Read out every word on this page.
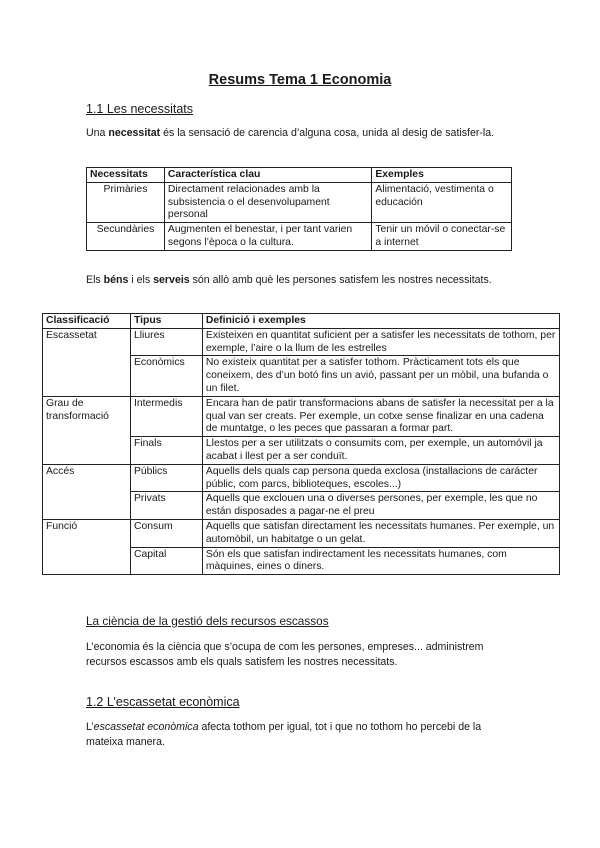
Resums Tema 1 Economia
1.1 Les necessitats
Una necessitat és la sensació de carencia d’alguna cosa, unida al desig de satisfer-la.
Necessitats	Característica clau	Exemples
Primàries	Directament relacionades amb la subsistencia o el desenvolupament personal	Alimentació, vestimenta o educación
Secundàries	Augmenten el benestar, i per tant varien segons l’època o la cultura.	Tenir un móvil o conectar-se a internet
Els béns i els serveis són allò amb què les persones satisfem les nostres necessitats.
Classificació	Tipus	Definició i exemples
Escassetat	Lliures	Existeixen en quantitat suficient per a satisfer les necessitats de tothom, per exemple, l’aire o la llum de les estrelles
	Econòmics	No existeix quantitat per a satisfer tothom. Pràcticament tots els que coneixem, des d’un botó fins un avió, passant per un mòbil, una bufanda o un filet.
Grau de transformació	Intermedis	Encara han de patir transformacions abans de satisfer la necessitat per a la qual van ser creats. Per exemple, un cotxe sense finalizar en una cadena de muntatge, o les peces que passaran a formar part.
	Finals	Llestos per a ser utilitzats o consumits com, per exemple, un automóvil ja acabat i llest per a ser conduït.
Accés	Públics	Aquells dels quals cap persona queda exclosa (installacions de carácter públic, com parcs, biblioteques, escoles...)
	Privats	Aquells que exclouen una o diverses persones, per exemple, les que no están disposades a pagar-ne el preu
Funció	Consum	Aquells que satisfan directament les necessitats humanes. Per exemple, un automòbil, un habitatge o un gelat.
	Capital	Són els que satisfan indirectament les necessitats humanes, com màquines, eines o diners.
La ciència de la gestió dels recursos escassos
L’economia és la ciència que s’ocupa de com les persones, empreses... administrem recursos escassos amb els quals satisfem les nostres necessitats.
1.2 L’escassetat econòmica
L’escassetat econòmica afecta tothom per igual, tot i que no tothom ho percebi de la mateixa manera.
